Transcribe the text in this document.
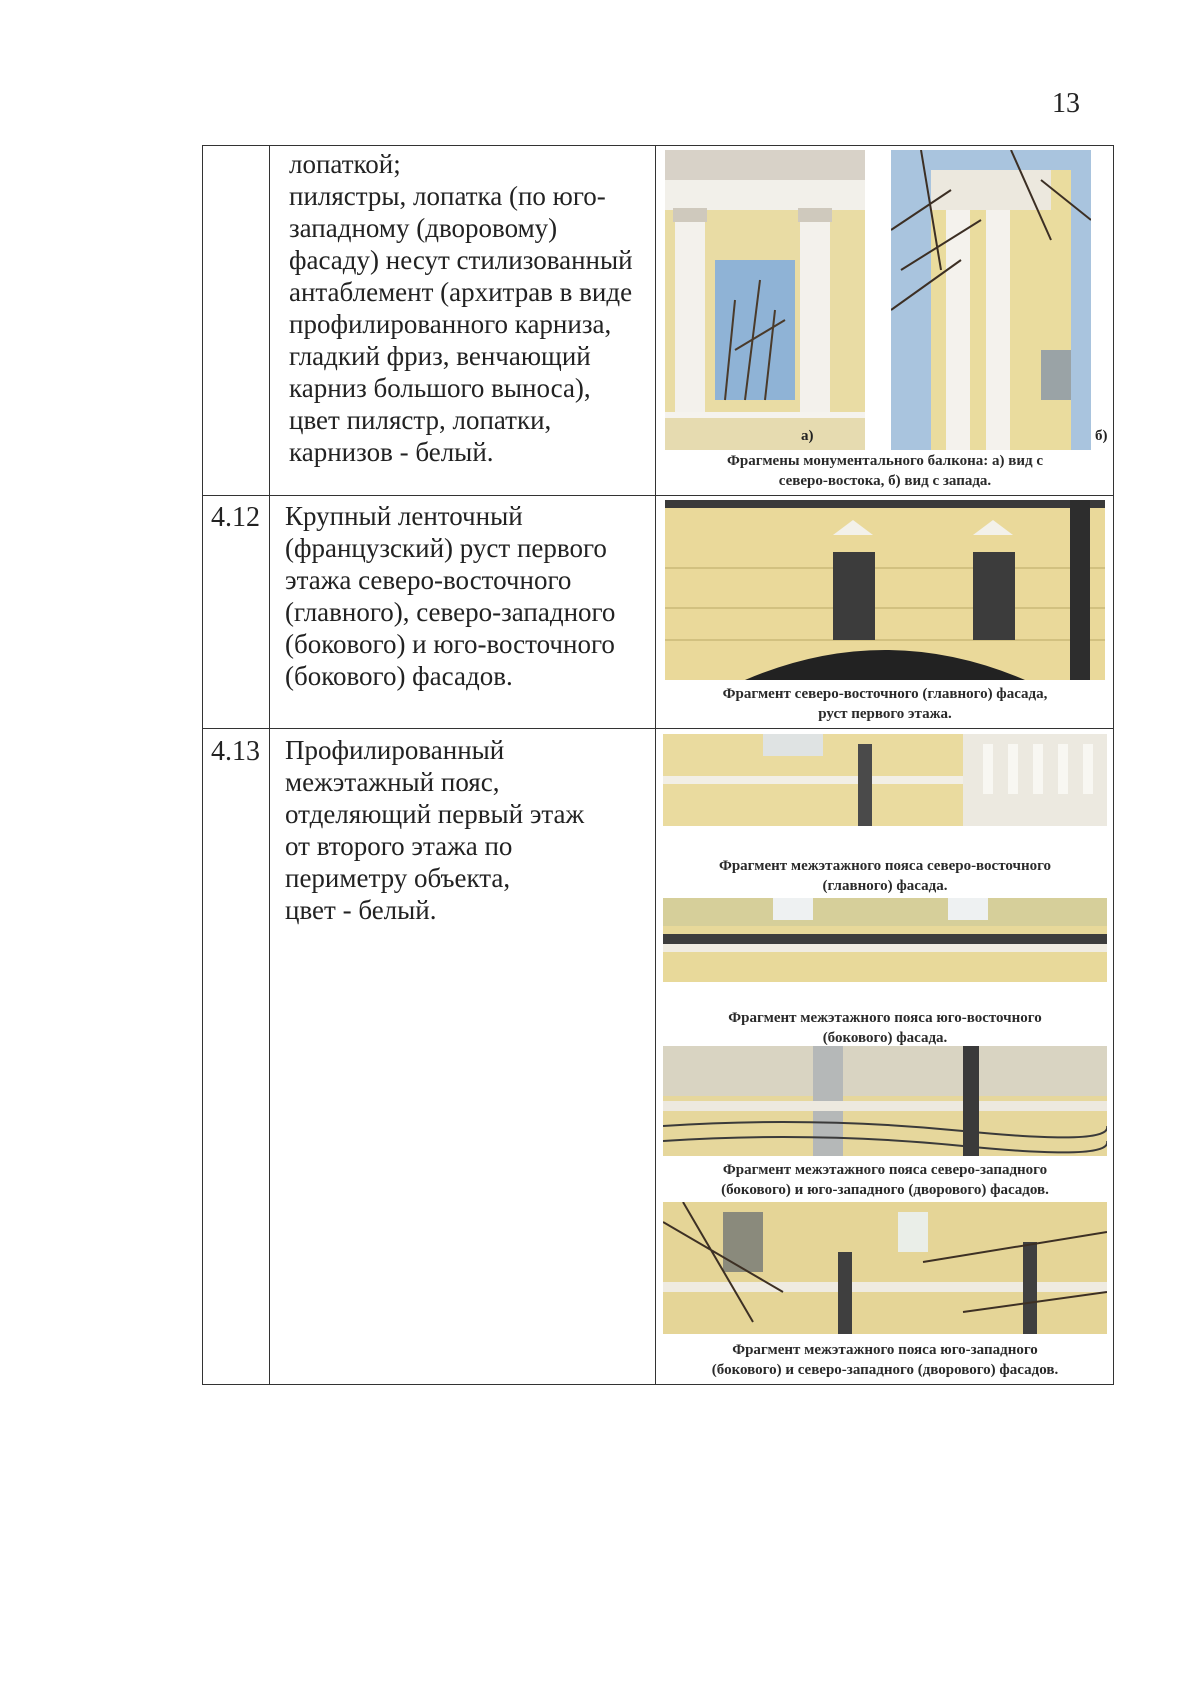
13
лопаткой;
пилястры, лопатка (по юго-
западному (дворовому)
фасаду) несут стилизованный
антаблемент (архитрав в виде
профилированного карниза,
гладкий фриз, венчающий
карниз большого выноса),
цвет пилястр, лопатки,
карнизов - белый.
а)	б)
Фрагмены монументального балкона: а) вид с
северо-востока, б) вид с запада.
4.12 Крупный ленточный
(французский) руст первого
этажа северо-восточного
(главного), северо-западного
(бокового) и юго-восточного
(бокового) фасадов.
Фрагмент северо-восточного (главного) фасада,
руст первого этажа.
4.13 Профилированный
межэтажный пояс,
отделяющий первый этаж
от второго этажа по
периметру объекта,
цвет - белый.
Фрагмент межэтажного пояса северо-восточного
(главного) фасада.
Фрагмент межэтажного пояса юго-восточного
(бокового) фасада.
Фрагмент межэтажного пояса северо-западного
(бокового) и юго-западного (дворового) фасадов.
Фрагмент межэтажного пояса юго-западного
(бокового) и северо-западного (дворового) фасадов.
